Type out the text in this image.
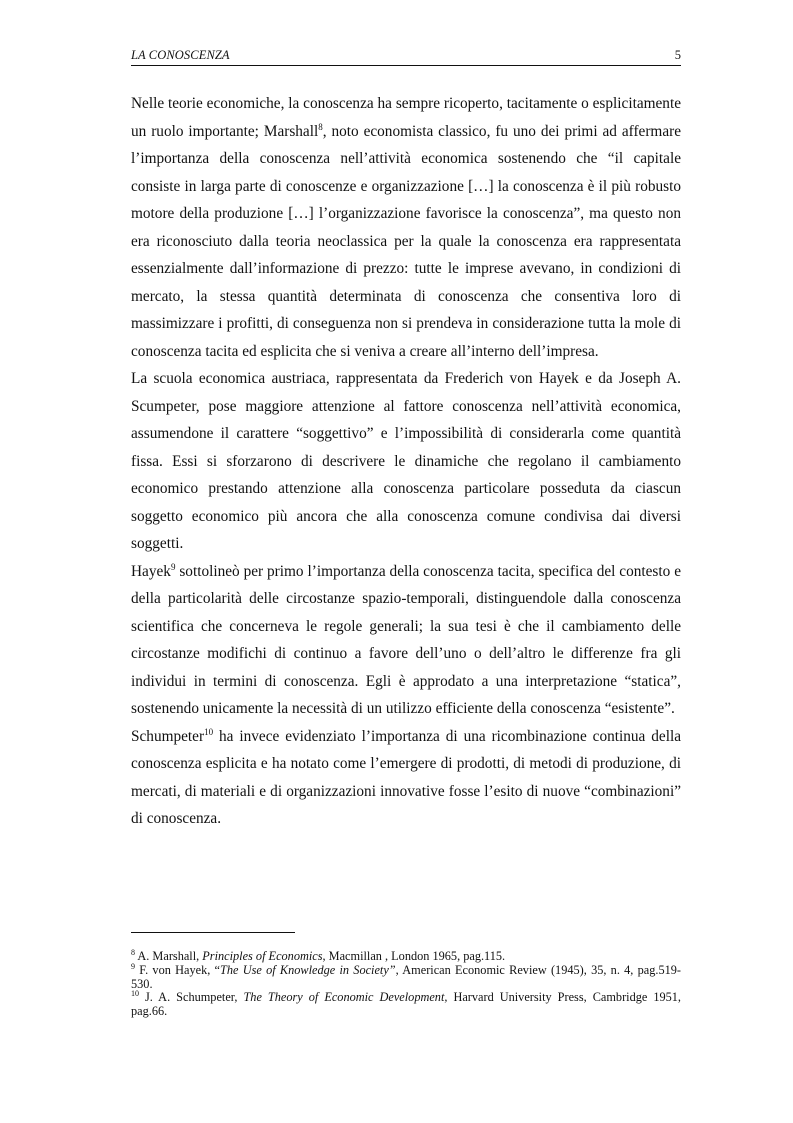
LA CONOSCENZA	5

Nelle teorie economiche, la conoscenza ha sempre ricoperto, tacitamente o esplicitamente un ruolo importante; Marshall$^8$, noto economista classico, fu uno dei primi ad affermare l’importanza della conoscenza nell’attività economica sostenendo che “il capitale consiste in larga parte di conoscenze e organizzazione […] la conoscenza è il più robusto motore della produzione […] l’organizzazione favorisce la conoscenza”, ma questo non era riconosciuto dalla teoria neoclassica per la quale la conoscenza era rappresentata essenzialmente dall’informazione di prezzo: tutte le imprese avevano, in condizioni di mercato, la stessa quantità determinata di conoscenza che consentiva loro di massimizzare i profitti, di conseguenza non si prendeva in considerazione tutta la mole di conoscenza tacita ed esplicita che si veniva a creare all’interno dell’impresa.

La scuola economica austriaca, rappresentata da Frederich von Hayek e da Joseph A. Scumpeter, pose maggiore attenzione al fattore conoscenza nell’attività economica, assumendone il carattere “soggettivo” e l’impossibilità di considerarla come quantità fissa. Essi si sforzarono di descrivere le dinamiche che regolano il cambiamento economico prestando attenzione alla conoscenza particolare posseduta da ciascun soggetto economico più ancora che alla conoscenza comune condivisa dai diversi soggetti.

Hayek$^9$ sottolineò per primo l’importanza della conoscenza tacita, specifica del contesto e della particolarità delle circostanze spazio-temporali, distinguendole dalla conoscenza scientifica che concerneva le regole generali; la sua tesi è che il cambiamento delle circostanze modifichi di continuo a favore dell’uno o dell’altro le differenze fra gli individui in termini di conoscenza. Egli è approdato a una interpretazione “statica”, sostenendo unicamente la necessità di un utilizzo efficiente della conoscenza “esistente”.

Schumpeter$^{10}$ ha invece evidenziato l’importanza di una ricombinazione continua della conoscenza esplicita e ha notato come l’emergere di prodotti, di metodi di produzione, di mercati, di materiali e di organizzazioni innovative fosse l’esito di nuove “combinazioni” di conoscenza.

$^8$ A. Marshall, Principles of Economics, Macmillan , London 1965, pag.115.

$^9$ F. von Hayek, “The Use of Knowledge in Society”, American Economic Review (1945), 35, n. 4, pag.519-530.

$^{10}$ J. A. Schumpeter, The Theory of Economic Development, Harvard University Press, Cambridge 1951, pag.66.
